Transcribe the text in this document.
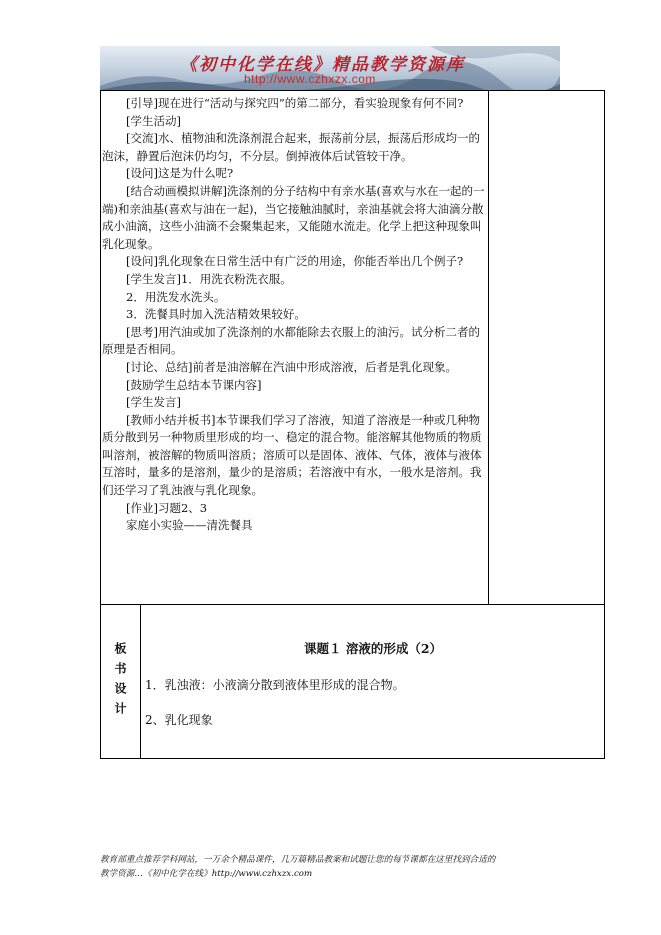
《初中化学在线》精品教学资源库
http://www.czhxzx.com

[引导]现在进行“活动与探究四”的第二部分，看实验现象有何不同?

[学生活动]

[交流]水、植物油和洗涤剂混合起来，振荡前分层，振荡后形成均一的泡沫，静置后泡沫仍均匀，不分层。倒掉液体后试管较干净。

[设问]这是为什么呢?

[结合动画模拟讲解]洗涤剂的分子结构中有亲水基(喜欢与水在一起的一端)和亲油基(喜欢与油在一起)，当它接触油腻时，亲油基就会将大油滴分散成小油滴，这些小油滴不会聚集起来，又能随水流走。化学上把这种现象叫乳化现象。

[设问]乳化现象在日常生活中有广泛的用途，你能否举出几个例子?

[学生发言]1．用洗衣粉洗衣服。

2．用洗发水洗头。

3．洗餐具时加入洗洁精效果较好。

[思考]用汽油或加了洗涤剂的水都能除去衣服上的油污。试分析二者的原理是否相同。

[讨论、总结]前者是油溶解在汽油中形成溶液，后者是乳化现象。

[鼓励学生总结本节课内容]

[学生发言]

[教师小结并板书]本节课我们学习了溶液，知道了溶液是一种或几种物质分散到另一种物质里形成的均一、稳定的混合物。能溶解其他物质的物质叫溶剂，被溶解的物质叫溶质；溶质可以是固体、液体、气体，液体与液体互溶时，量多的是溶剂，量少的是溶质；若溶液中有水，一般水是溶剂。我们还学习了乳浊液与乳化现象。

[作业]习题2、3

家庭小实验——清洗餐具

板书设计	课题１ 溶液的形成（2）
1．乳浊液：小液滴分散到液体里形成的混合物。
2、乳化现象
教育部重点推荐学科网站，一万余个精品课件，几万篇精品教案和试题让您的每节课都在这里找到合适的
教学资源…《初中化学在线》http://www.czhxzx.com
